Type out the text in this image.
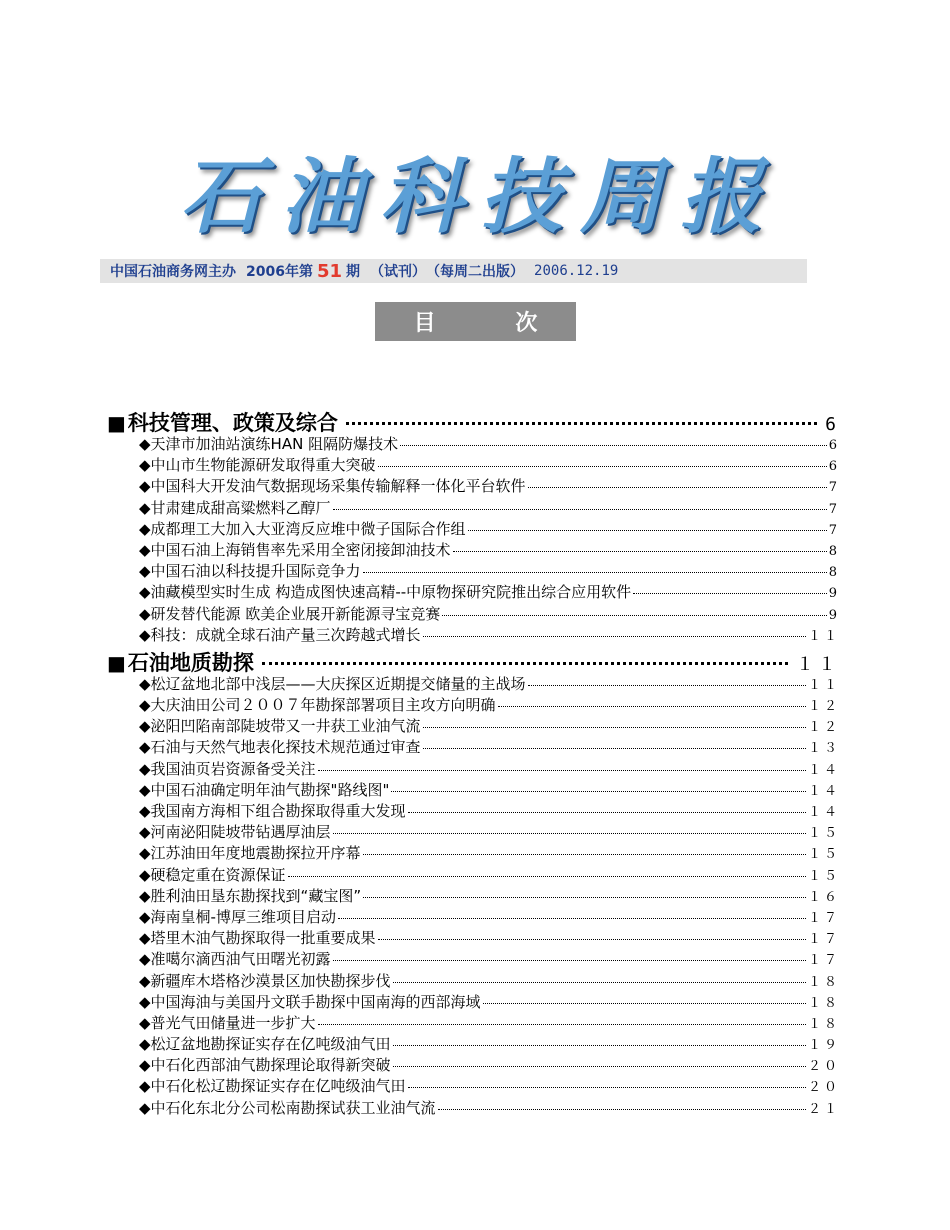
石油科技周报
中国石油商务网主办 2006年第 51 期 （试刊） （每周二出版） 2006.12.19
目 次
■ 科技管理、政策及综合	6
◆ 天津市加油站演练HAN 阻隔防爆技术	6
◆ 中山市生物能源研发取得重大突破	6
◆ 中国科大开发油气数据现场采集传输解释一体化平台软件	7
◆ 甘肃建成甜高粱燃料乙醇厂	7
◆ 成都理工大加入大亚湾反应堆中微子国际合作组	7
◆ 中国石油上海销售率先采用全密闭接卸油技术	8
◆ 中国石油以科技提升国际竞争力	8
◆ 油藏模型实时生成 构造成图快速高精--中原物探研究院推出综合应用软件	9
◆ 研发替代能源 欧美企业展开新能源寻宝竞赛	9
◆ 科技：成就全球石油产量三次跨越式增长	１１
■ 石油地质勘探	１１
◆ 松辽盆地北部中浅层——大庆探区近期提交储量的主战场	１１
◆ 大庆油田公司２００７年勘探部署项目主攻方向明确	１２
◆ 泌阳凹陷南部陡坡带又一井获工业油气流	１２
◆ 石油与天然气地表化探技术规范通过审查	１３
◆ 我国油页岩资源备受关注	１４
◆ 中国石油确定明年油气勘探"路线图"	１４
◆ 我国南方海相下组合勘探取得重大发现	１４
◆ 河南泌阳陡坡带钻遇厚油层	１５
◆ 江苏油田年度地震勘探拉开序幕	１５
◆ 硬稳定重在资源保证	１５
◆ 胜利油田垦东勘探找到“藏宝图”	１６
◆ 海南皇桐-博厚三维项目启动	１７
◆ 塔里木油气勘探取得一批重要成果	１７
◆ 准噶尔滴西油气田曙光初露	１７
◆ 新疆库木塔格沙漠景区加快勘探步伐	１８
◆ 中国海油与美国丹文联手勘探中国南海的西部海域	１８
◆ 普光气田储量进一步扩大	１８
◆ 松辽盆地勘探证实存在亿吨级油气田	１９
◆ 中石化西部油气勘探理论取得新突破	２０
◆ 中石化松辽勘探证实存在亿吨级油气田	２０
◆ 中石化东北分公司松南勘探试获工业油气流	２１
